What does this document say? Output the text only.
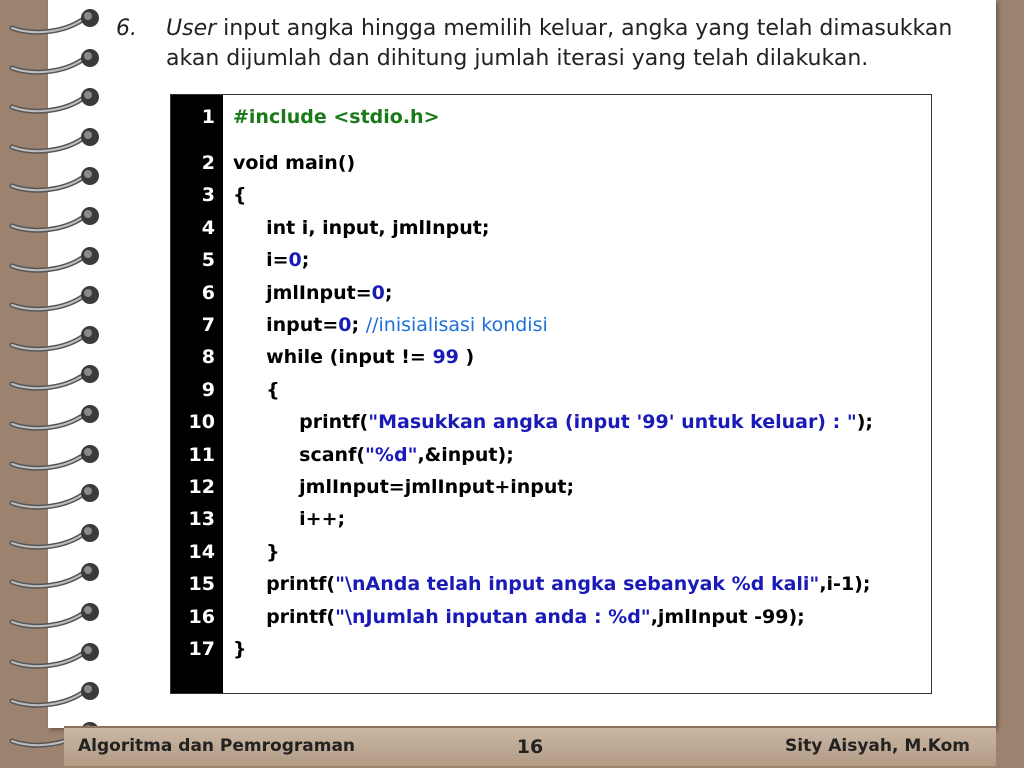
6. User input angka hingga memilih keluar, angka yang telah dimasukkan akan dijumlah dan dihitung jumlah iterasi yang telah dilakukan.
1
2
3
4
5
6
7
8
9
10
11
12
13
14
15
16
17
#include <stdio.h>
void main()
{
int i, input, jmlInput;
i=0;
jmlInput=0;
input=0; //inisialisasi kondisi
while (input != 99 )
{
printf("Masukkan angka (input '99' untuk keluar) : ");
scanf("%d",&input);
jmlInput=jmlInput+input;
i++;
}
printf("\nAnda telah input angka sebanyak %d kali",i-1);
printf("\nJumlah inputan anda : %d",jmlInput -99);
}
Algoritma dan Pemrograman	16	Sity Aisyah, M.Kom
